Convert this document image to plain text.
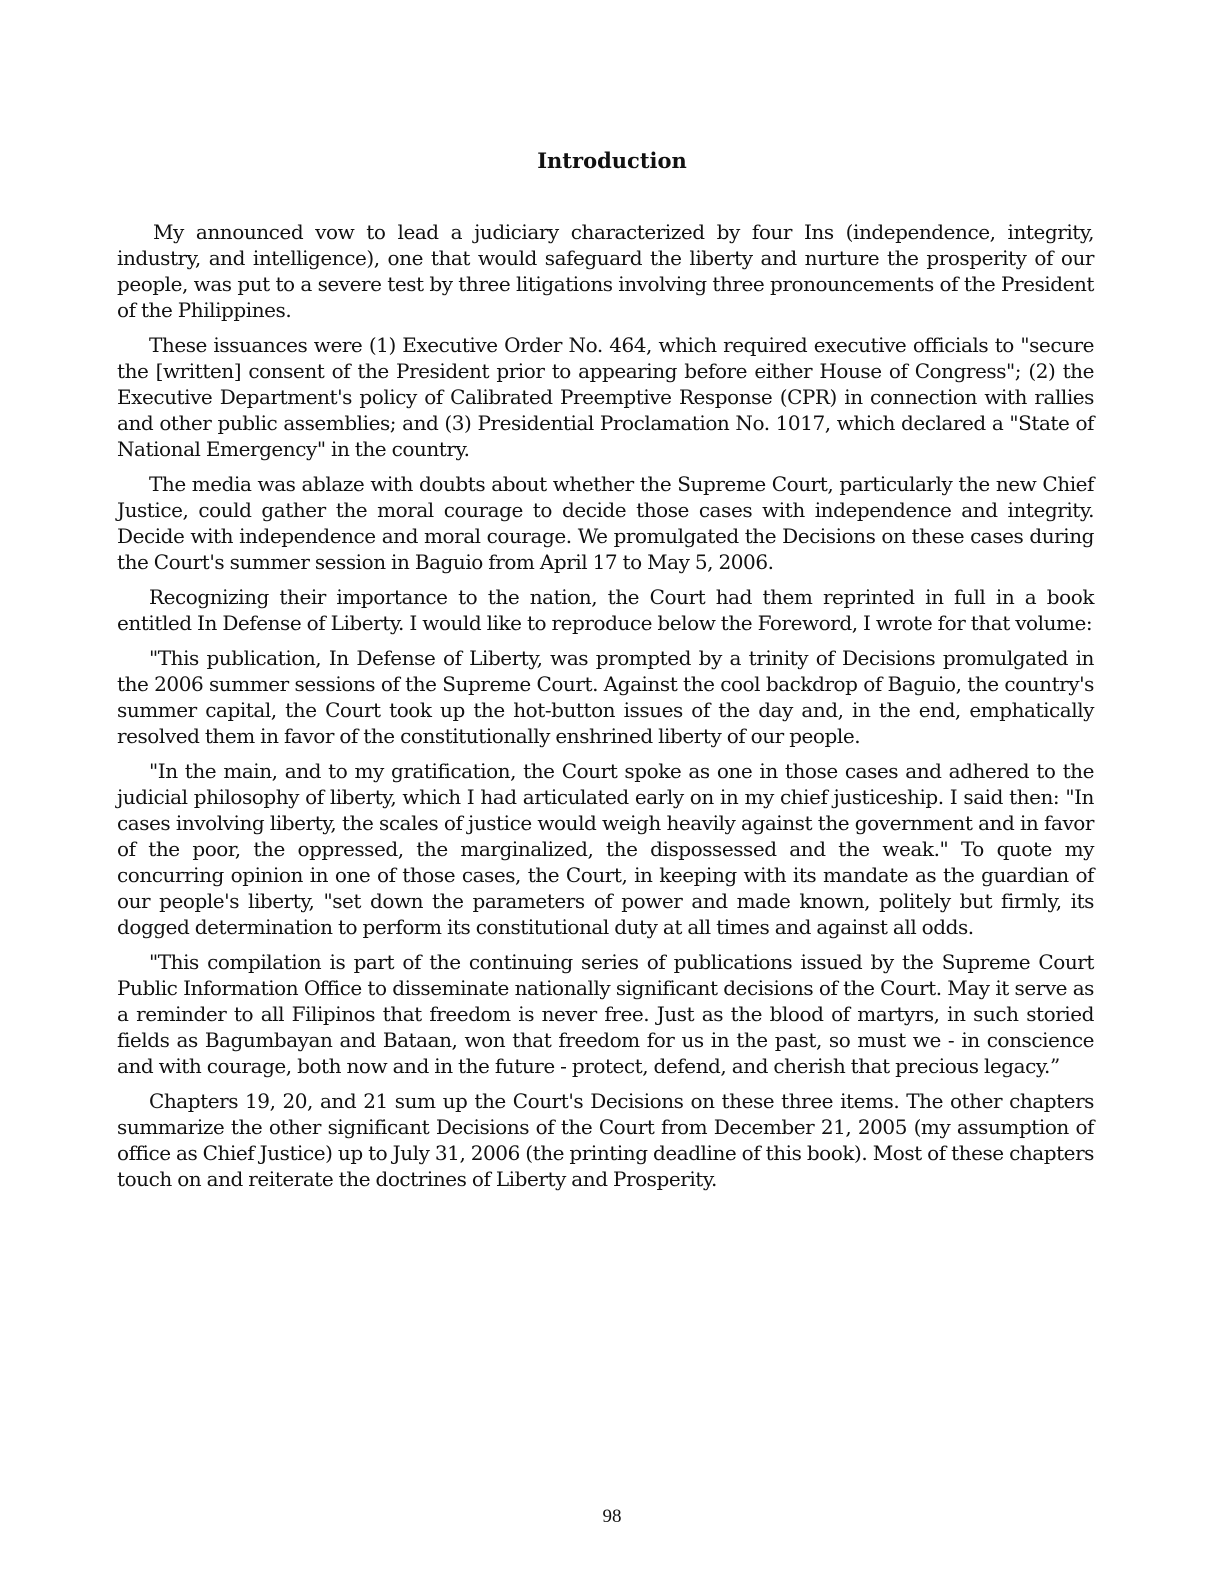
Introduction

My announced vow to lead a judiciary characterized by four Ins (independence, integrity, industry, and intelligence), one that would safeguard the liberty and nurture the prosperity of our people, was put to a severe test by three litigations involving three pronouncements of the President of the Philippines.

These issuances were (1) Executive Order No. 464, which required executive officials to "secure the [written] consent of the President prior to appearing before either House of Congress"; (2) the Executive Department's policy of Calibrated Preemptive Response (CPR) in connection with rallies and other public assemblies; and (3) Presidential Proclamation No. 1017, which declared a "State of National Emergency" in the country.

The media was ablaze with doubts about whether the Supreme Court, particularly the new Chief Justice, could gather the moral courage to decide those cases with independence and integrity. Decide with independence and moral courage. We promulgated the Decisions on these cases during the Court's summer session in Baguio from April 17 to May 5, 2006.

Recognizing their importance to the nation, the Court had them reprinted in full in a book entitled In Defense of Liberty. I would like to reproduce below the Foreword, I wrote for that volume:

"This publication, In Defense of Liberty, was prompted by a trinity of Decisions promulgated in the 2006 summer sessions of the Supreme Court. Against the cool backdrop of Baguio, the country's summer capital, the Court took up the hot-button issues of the day and, in the end, emphatically resolved them in favor of the constitutionally enshrined liberty of our people.

"In the main, and to my gratification, the Court spoke as one in those cases and adhered to the judicial philosophy of liberty, which I had articulated early on in my chief justiceship. I said then: "In cases involving liberty, the scales of justice would weigh heavily against the government and in favor of the poor, the oppressed, the marginalized, the dispossessed and the weak." To quote my concurring opinion in one of those cases, the Court, in keeping with its mandate as the guardian of our people's liberty, "set down the parameters of power and made known, politely but firmly, its dogged determination to perform its constitutional duty at all times and against all odds.

"This compilation is part of the continuing series of publications issued by the Supreme Court Public Information Office to disseminate nationally significant decisions of the Court. May it serve as a reminder to all Filipinos that freedom is never free. Just as the blood of martyrs, in such storied fields as Bagumbayan and Bataan, won that freedom for us in the past, so must we - in conscience and with courage, both now and in the future - protect, defend, and cherish that precious legacy.”

Chapters 19, 20, and 21 sum up the Court's Decisions on these three items. The other chapters summarize the other significant Decisions of the Court from December 21, 2005 (my assumption of office as Chief Justice) up to July 31, 2006 (the printing deadline of this book). Most of these chapters touch on and reiterate the doctrines of Liberty and Prosperity.

98
